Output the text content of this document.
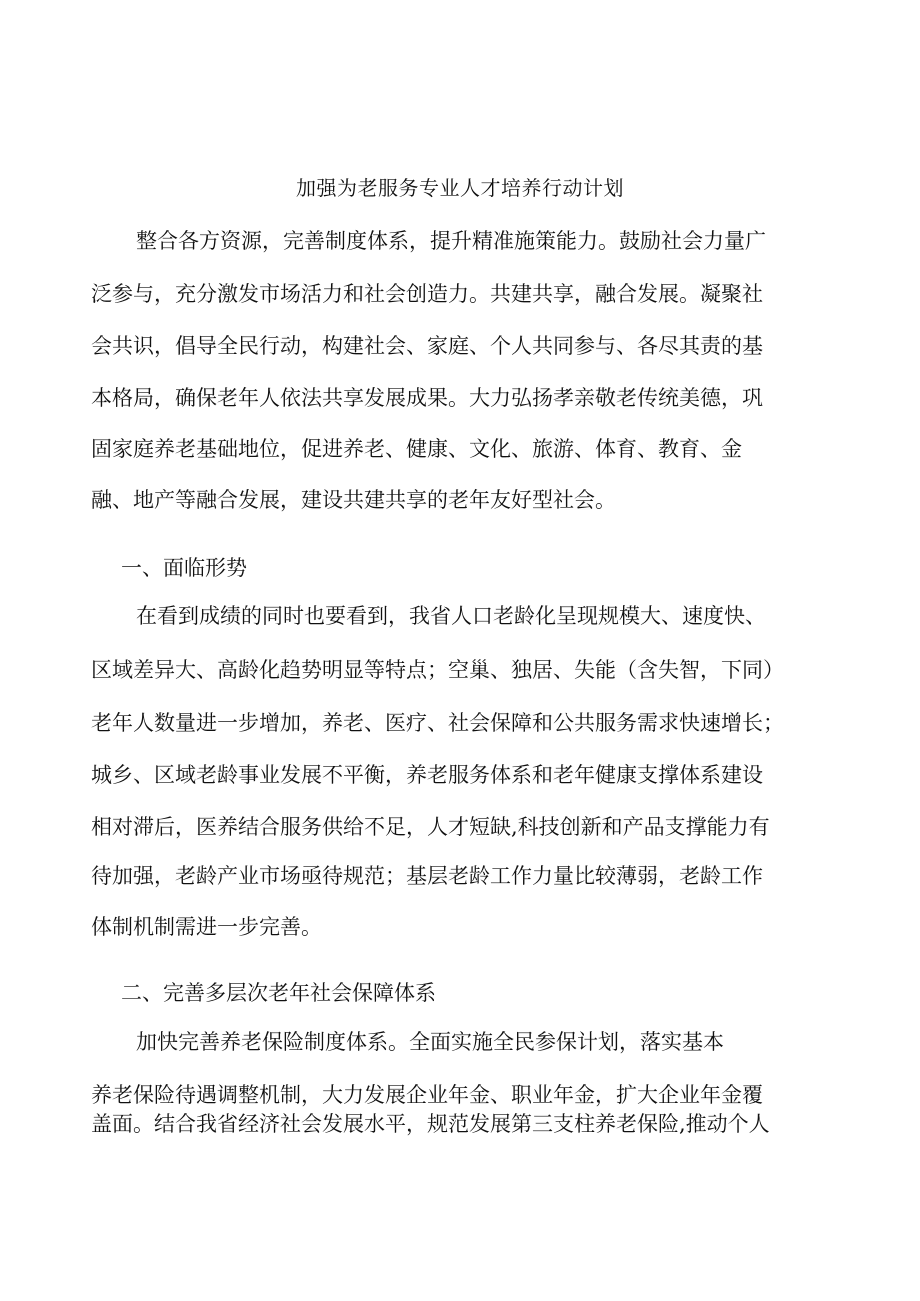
加强为老服务专业人才培养行动计划
整合各方资源，完善制度体系，提升精准施策能力。鼓励社会力量广
泛参与，充分激发市场活力和社会创造力。共建共享，融合发展。凝聚社
会共识，倡导全民行动，构建社会、家庭、个人共同参与、各尽其责的基
本格局，确保老年人依法共享发展成果。大力弘扬孝亲敬老传统美德，巩
固家庭养老基础地位，促进养老、健康、文化、旅游、体育、教育、金
融、地产等融合发展，建设共建共享的老年友好型社会。
一、面临形势
在看到成绩的同时也要看到，我省人口老龄化呈现规模大、速度快、
区域差异大、高龄化趋势明显等特点；空巢、独居、失能（含失智，下同）
老年人数量进一步增加，养老、医疗、社会保障和公共服务需求快速增长；
城乡、区域老龄事业发展不平衡，养老服务体系和老年健康支撑体系建设
相对滞后，医养结合服务供给不足，人才短缺,科技创新和产品支撑能力有
待加强，老龄产业市场亟待规范；基层老龄工作力量比较薄弱，老龄工作
体制机制需进一步完善。
二、完善多层次老年社会保障体系
加快完善养老保险制度体系。全面实施全民参保计划，落实基本
养老保险待遇调整机制，大力发展企业年金、职业年金，扩大企业年金覆
盖面。结合我省经济社会发展水平，规范发展第三支柱养老保险,推动个人
